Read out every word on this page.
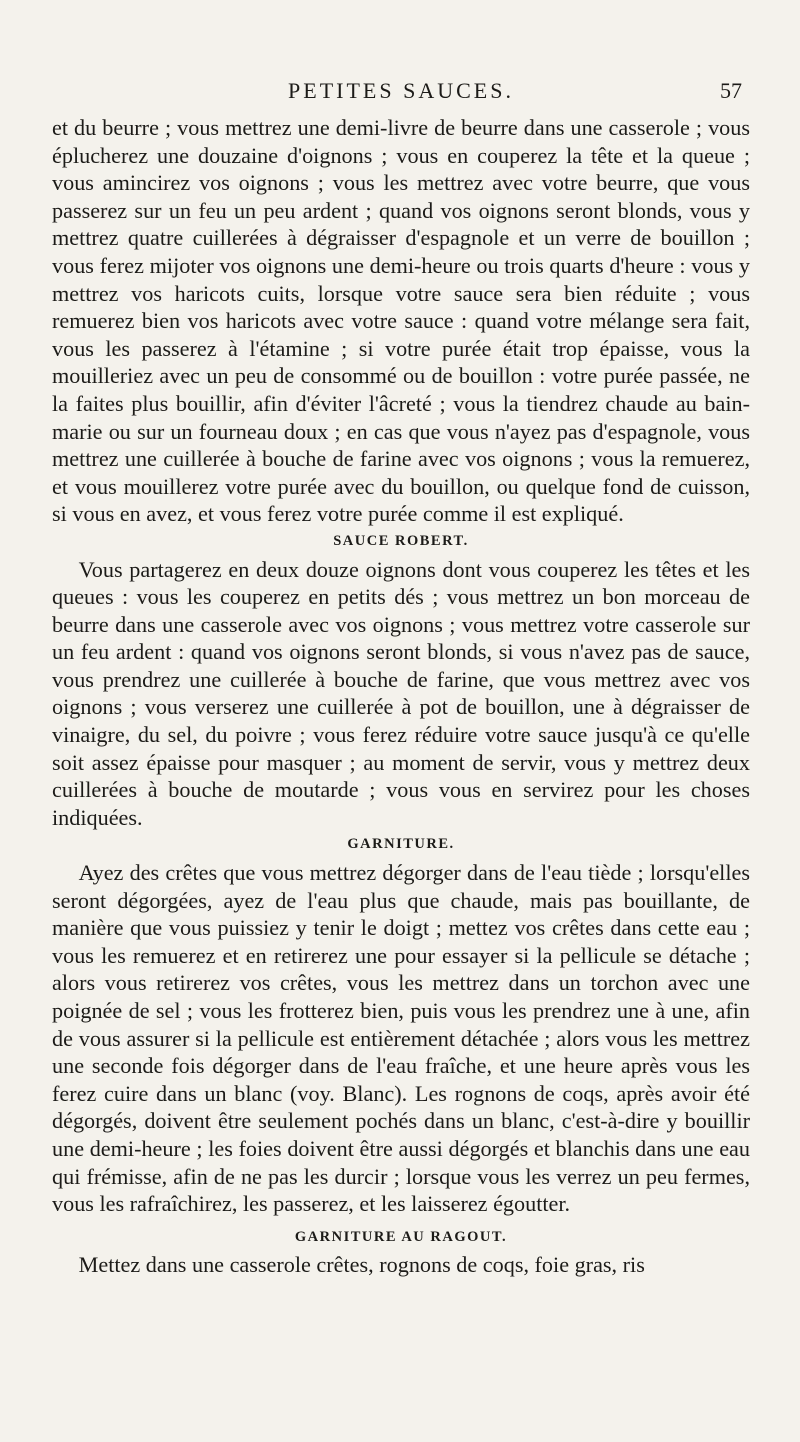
PETITES SAUCES.	57

et du beurre ; vous mettrez une demi-livre de beurre dans une casserole ; vous éplucherez une douzaine d'oignons ; vous en couperez la tête et la queue ; vous amincirez vos oignons ; vous les mettrez avec votre beurre, que vous passerez sur un feu un peu ardent ; quand vos oignons seront blonds, vous y mettrez quatre cuillerées à dégraisser d'espagnole et un verre de bouillon ; vous ferez mijoter vos oignons une demi-heure ou trois quarts d'heure : vous y mettrez vos haricots cuits, lorsque votre sauce sera bien réduite ; vous remuerez bien vos haricots avec votre sauce : quand votre mélange sera fait, vous les passerez à l'étamine ; si votre purée était trop épaisse, vous la mouilleriez avec un peu de consommé ou de bouillon : votre purée passée, ne la faites plus bouillir, afin d'éviter l'âcreté ; vous la tiendrez chaude au bain-marie ou sur un fourneau doux ; en cas que vous n'ayez pas d'espagnole, vous mettrez une cuillerée à bouche de farine avec vos oignons ; vous la remuerez, et vous mouillerez votre purée avec du bouillon, ou quelque fond de cuisson, si vous en avez, et vous ferez votre purée comme il est expliqué.

SAUCE ROBERT.

Vous partagerez en deux douze oignons dont vous couperez les têtes et les queues : vous les couperez en petits dés ; vous mettrez un bon morceau de beurre dans une casserole avec vos oignons ; vous mettrez votre casserole sur un feu ardent : quand vos oignons seront blonds, si vous n'avez pas de sauce, vous prendrez une cuillerée à bouche de farine, que vous mettrez avec vos oignons ; vous verserez une cuillerée à pot de bouillon, une à dégraisser de vinaigre, du sel, du poivre ; vous ferez réduire votre sauce jusqu'à ce qu'elle soit assez épaisse pour masquer ; au moment de servir, vous y mettrez deux cuillerées à bouche de moutarde ; vous vous en servirez pour les choses indiquées.

GARNITURE.

Ayez des crêtes que vous mettrez dégorger dans de l'eau tiède ; lorsqu'elles seront dégorgées, ayez de l'eau plus que chaude, mais pas bouillante, de manière que vous puissiez y tenir le doigt ; mettez vos crêtes dans cette eau ; vous les remuerez et en retirerez une pour essayer si la pellicule se détache ; alors vous retirerez vos crêtes, vous les mettrez dans un torchon avec une poignée de sel ; vous les frotterez bien, puis vous les prendrez une à une, afin de vous assurer si la pellicule est entièrement détachée ; alors vous les mettrez une seconde fois dégorger dans de l'eau fraîche, et une heure après vous les ferez cuire dans un blanc (voy. Blanc). Les rognons de coqs, après avoir été dégorgés, doivent être seulement pochés dans un blanc, c'est-à-dire y bouillir une demi-heure ; les foies doivent être aussi dégorgés et blanchis dans une eau qui frémisse, afin de ne pas les durcir ; lorsque vous les verrez un peu fermes, vous les rafraîchirez, les passerez, et les laisserez égoutter.

GARNITURE AU RAGOUT.

Mettez dans une casserole crêtes, rognons de coqs, foie gras, ris
